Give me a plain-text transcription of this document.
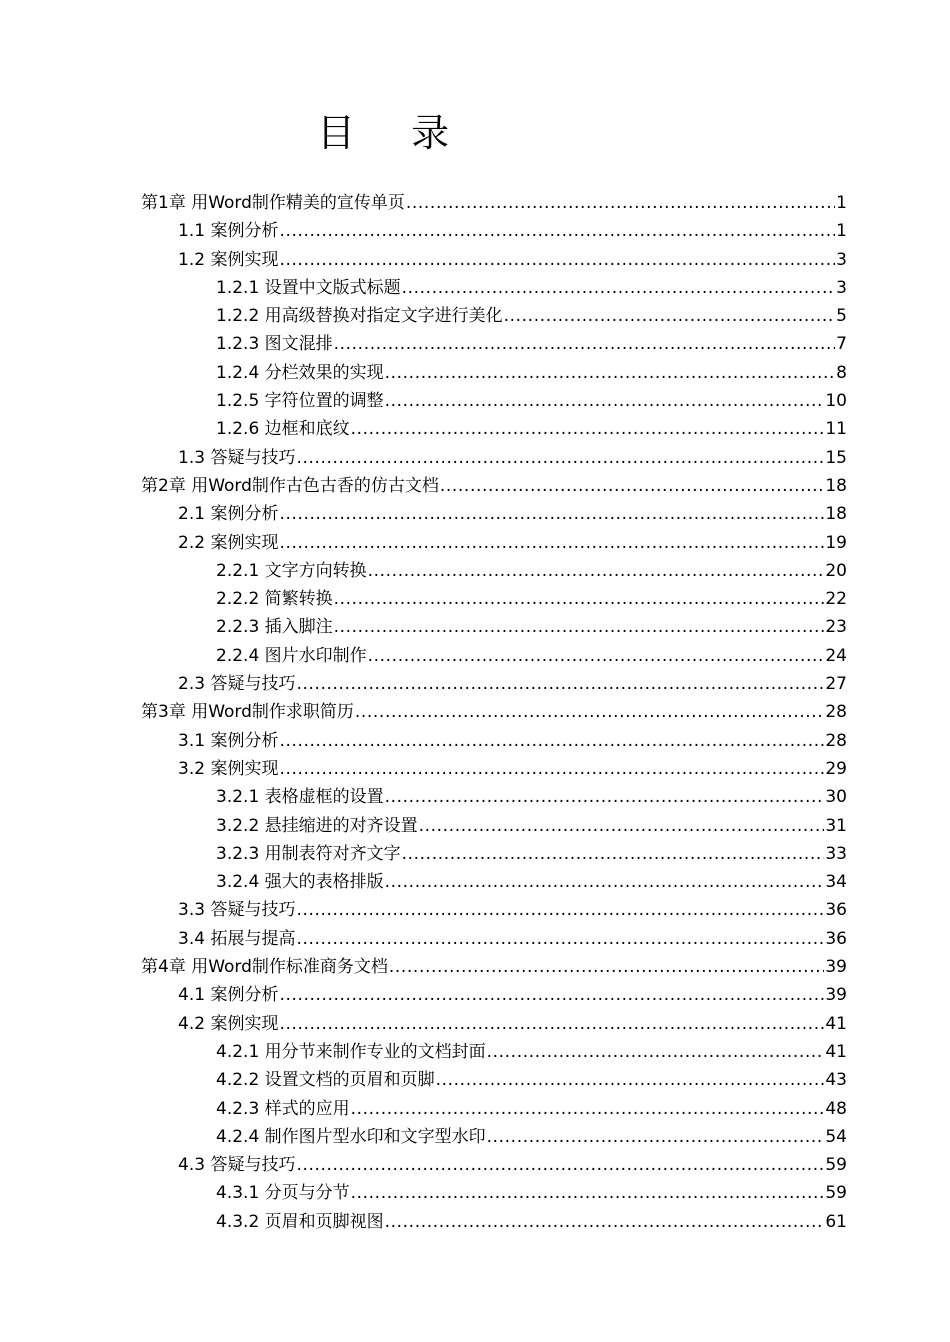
目 录
第1章 用Word制作精美的宣传单页 .....	1
1.1 案例分析 .....	1
1.2 案例实现 .....	3
1.2.1 设置中文版式标题 .....	3
1.2.2 用高级替换对指定文字进行美化 .....	5
1.2.3 图文混排 .....	7
1.2.4 分栏效果的实现 .....	8
1.2.5 字符位置的调整 .....	10
1.2.6 边框和底纹 .....	11
1.3 答疑与技巧 .....	15
第2章 用Word制作古色古香的仿古文档 .....	18
2.1 案例分析 .....	18
2.2 案例实现 .....	19
2.2.1 文字方向转换 .....	20
2.2.2 简繁转换 .....	22
2.2.3 插入脚注 .....	23
2.2.4 图片水印制作 .....	24
2.3 答疑与技巧 .....	27
第3章 用Word制作求职简历 .....	28
3.1 案例分析 .....	28
3.2 案例实现 .....	29
3.2.1 表格虚框的设置 .....	30
3.2.2 悬挂缩进的对齐设置 .....	31
3.2.3 用制表符对齐文字 .....	33
3.2.4 强大的表格排版 .....	34
3.3 答疑与技巧 .....	36
3.4 拓展与提高 .....	36
第4章 用Word制作标准商务文档 .....	39
4.1 案例分析 .....	39
4.2 案例实现 .....	41
4.2.1 用分节来制作专业的文档封面 .....	41
4.2.2 设置文档的页眉和页脚 .....	43
4.2.3 样式的应用 .....	48
4.2.4 制作图片型水印和文字型水印 .....	54
4.3 答疑与技巧 .....	59
4.3.1 分页与分节 .....	59
4.3.2 页眉和页脚视图 .....	61
